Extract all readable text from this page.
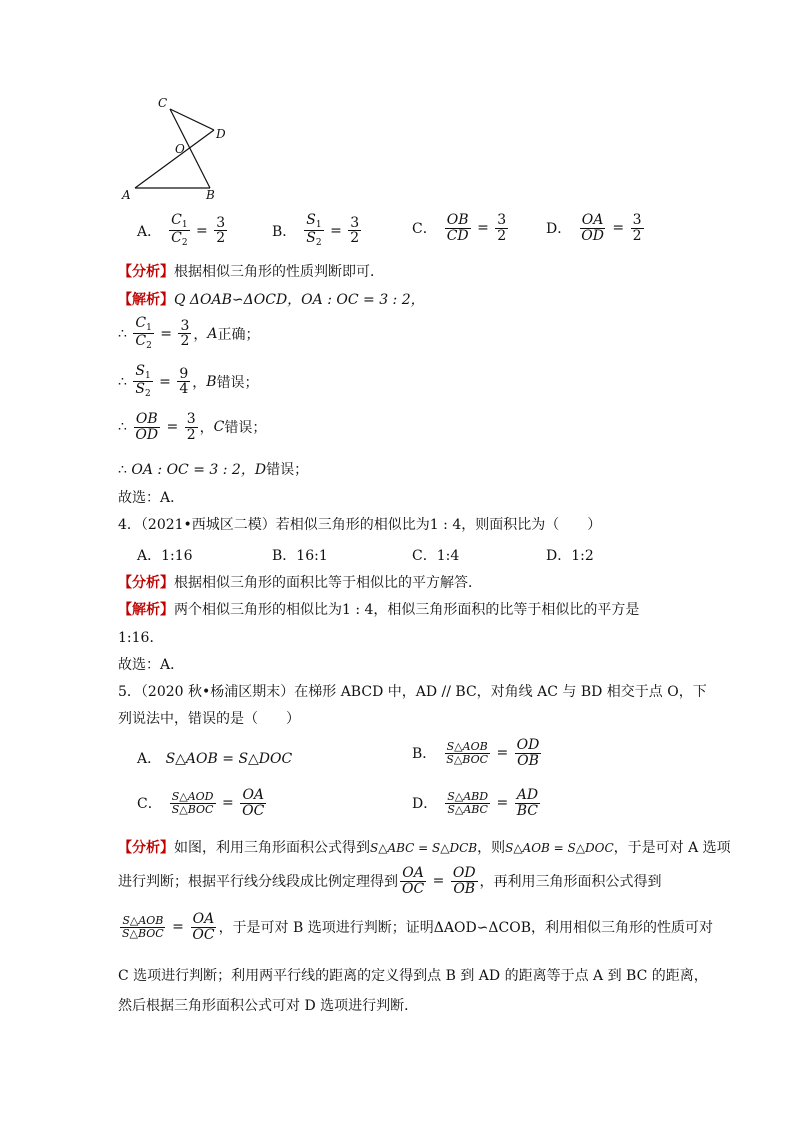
C
D
O
A	B
A． $\frac{C_1}{C_2} = \frac{3}{2}$	B． $\frac{S_1}{S_2} = \frac{3}{2}$	C． $\frac{OB}{CD} = \frac{3}{2}$	D． $\frac{OA}{OD} = \frac{3}{2}$
【分析】根据相似三角形的性质判断即可．
【解析】Q ΔOAB∽ΔOCD，OA : OC = 3 : 2，
∴
$\frac{C_1}{C_2} = \frac{3}{2}$ ， A 正确；
∴
$\frac{S_1}{S_2} = \frac{9}{4}$ ， B 错误；
∴
$\frac{OB}{OD} = \frac{3}{2}$ ， C 错误；
∴ OA : OC = 3 : 2，D错误；
故选：A．
4．（2021•西城区二模）若相似三角形的相似比为1 : 4，则面积比为（　　）
A．1:16	B．16:1	C．1:4	D．1:2
【分析】根据相似三角形的面积比等于相似比的平方解答．
【解析】两个相似三角形的相似比为1 : 4，相似三角形面积的比等于相似比的平方是
1:16．
故选：A．
5．（2020 秋•杨浦区期末）在梯形 ABCD 中，AD // BC，对角线 AC 与 BD 相交于点 O，下
列说法中，错误的是（　　）
A． S△AOB = S△DOC	B． $\frac{\text{S△AOB}}{\text{S△BOC}} = \frac{OD}{OB}$
C． $\frac{\text{S△AOD}}{\text{S△BOC}} = \frac{OA}{OC}$	D． $\frac{\text{S△ABD}}{\text{S△ABC}} = \frac{AD}{BC}$
【分析】如图，利用三角形面积公式得到S△ABC = S△DCB，则S△AOB = S△DOC，于是可对 A 选项
进行判断；根据平行线分线段成比例定理得到 $\frac{OA}{OC} = \frac{OD}{OB}$ ，再利用三角形面积公式得到
$\frac{\text{S△AOB}}{\text{S△BOC}} = \frac{OA}{OC}$ ，于是可对 B 选项进行判断；证明ΔAOD∽ΔCOB，利用相似三角形的性质可对
C 选项进行判断；利用两平行线的距离的定义得到点 B 到 AD 的距离等于点 A 到 BC 的距离，
然后根据三角形面积公式可对 D 选项进行判断．
